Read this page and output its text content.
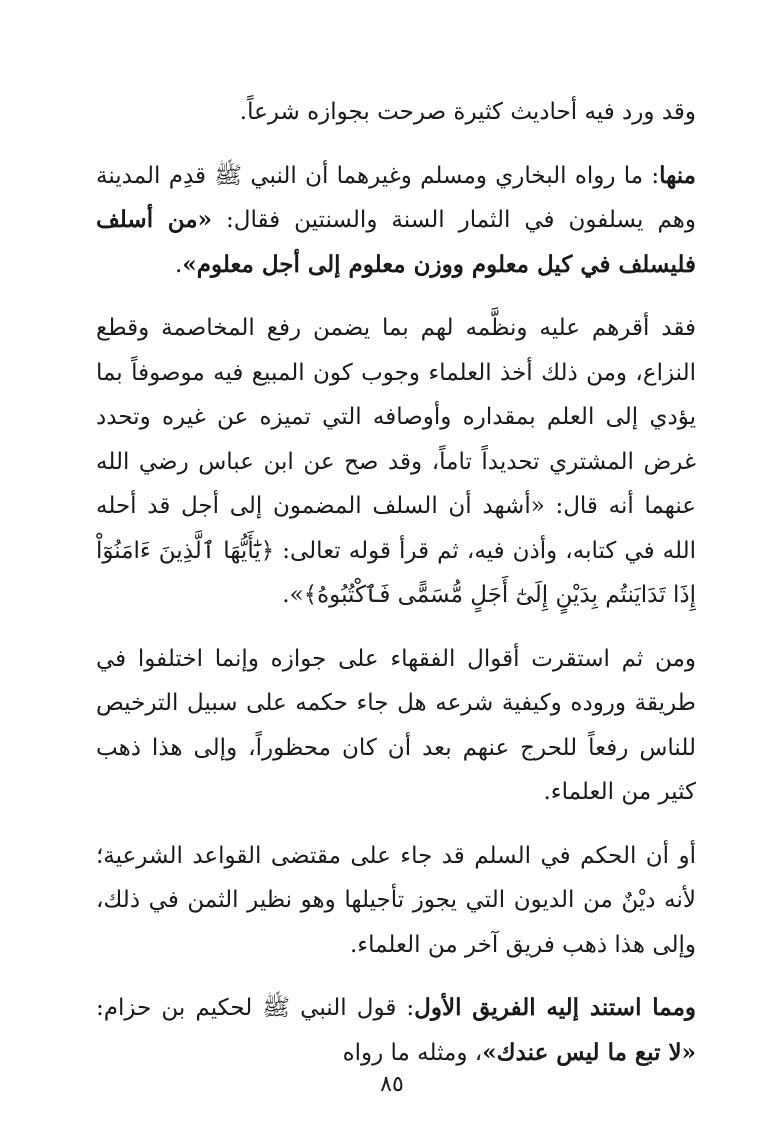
وقد ورد فيه أحاديث كثيرة صرحت بجوازه شرعاً.

منها: ما رواه البخاري ومسلم وغيرهما أن النبي ﷺ قدِم المدينة وهم يسلفون في الثمار السنة والسنتين فقال: «من أسلف فليسلف في كيل معلوم ووزن معلوم إلى أجل معلوم».

فقد أقرهم عليه ونظَّمه لهم بما يضمن رفع المخاصمة وقطع النزاع، ومن ذلك أخذ العلماء وجوب كون المبيع فيه موصوفاً بما يؤدي إلى العلم بمقداره وأوصافه التي تميزه عن غيره وتحدد غرض المشتري تحديداً تاماً، وقد صح عن ابن عباس رضي الله عنهما أنه قال: «أشهد أن السلف المضمون إلى أجل قد أحله الله في كتابه، وأذن فيه، ثم قرأ قوله تعالى: ﴿يَٰٓأَيُّهَا ٱلَّذِينَ ءَامَنُوٓاْ إِذَا تَدَايَنتُم بِدَيْنٍ إِلَىٰٓ أَجَلٍ مُّسَمًّى فَٱكْتُبُوهُ﴾».

ومن ثم استقرت أقوال الفقهاء على جوازه وإنما اختلفوا في طريقة وروده وكيفية شرعه هل جاء حكمه على سبيل الترخيص للناس رفعاً للحرج عنهم بعد أن كان محظوراً، وإلى هذا ذهب كثير من العلماء.

أو أن الحكم في السلم قد جاء على مقتضى القواعد الشرعية؛ لأنه ديْنٌ من الديون التي يجوز تأجيلها وهو نظير الثمن في ذلك، وإلى هذا ذهب فريق آخر من العلماء.

ومما استند إليه الفريق الأول: قول النبي ﷺ لحكيم بن حزام: «لا تبع ما ليس عندك»، ومثله ما رواه

٨٥
